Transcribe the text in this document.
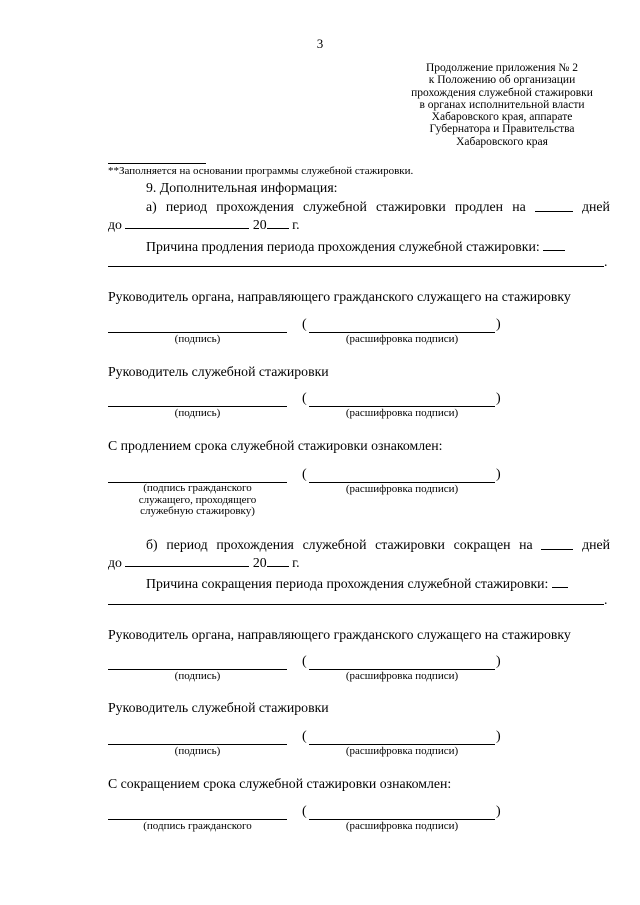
3
Продолжение приложения № 2
к Положению об организации
прохождения служебной стажировки
в органах исполнительной власти
Хабаровского края, аппарате
Губернатора и Правительства
Хабаровского края
**Заполняется на основании программы служебной стажировки.
9. Дополнительная информация:
а) период прохождения служебной стажировки продлен на	дней
до	20 г.
Причина продления периода прохождения служебной стажировки:
.
Руководитель органа, направляющего гражданского служащего на стажировку
(	)
(подпись)	(расшифровка подписи)
Руководитель служебной стажировки
(	)
(подпись)	(расшифровка подписи)
С продлением срока служебной стажировки ознакомлен:
(	)
(подпись гражданского
служащего, проходящего
служебную стажировку)
(расшифровка подписи)
б) период прохождения служебной стажировки сокращен на	дней
до	20 г.
Причина сокращения периода прохождения служебной стажировки:
.
Руководитель органа, направляющего гражданского служащего на стажировку
(	)
(подпись)	(расшифровка подписи)
Руководитель служебной стажировки
(	)
(подпись)	(расшифровка подписи)
С сокращением срока служебной стажировки ознакомлен:
(	)
(подпись гражданского	(расшифровка подписи)
